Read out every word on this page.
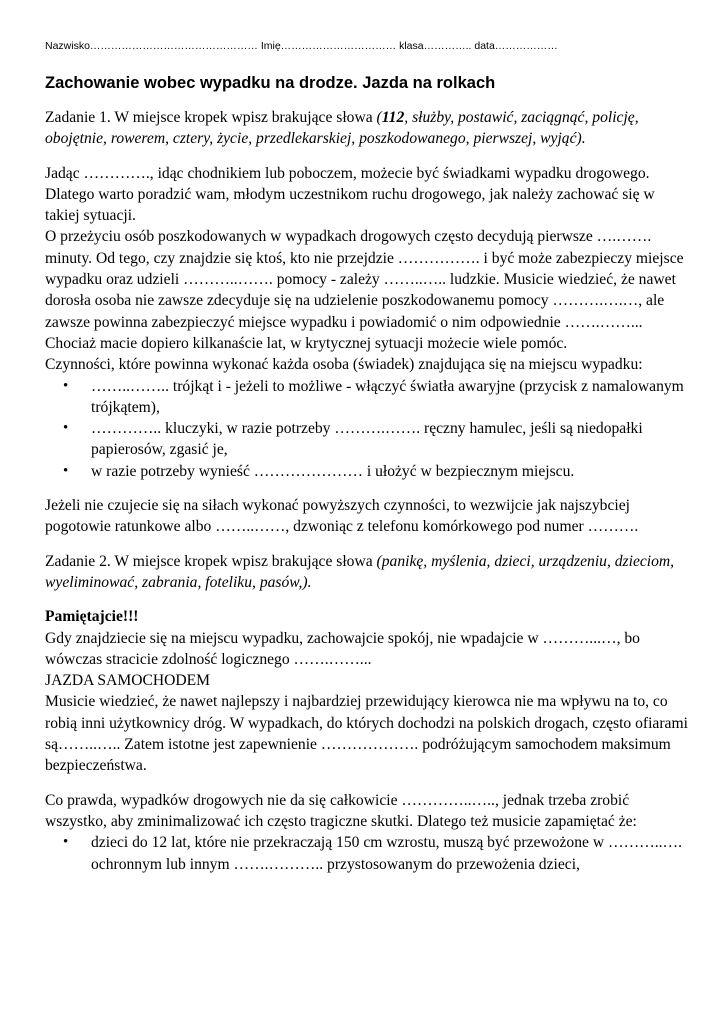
Nazwisko………………………………………… Imię…………………………… klasa………….. data………………
Zachowanie wobec wypadku na drodze. Jazda na rolkach

Zadanie 1. W miejsce kropek wpisz brakujące słowa (112, służby, postawić, zaciągnąć, policję, obojętnie, rowerem, cztery, życie, przedlekarskiej, poszkodowanego, pierwszej, wyjąć).

Jadąc …………., idąc chodnikiem lub poboczem, możecie być świadkami wypadku drogowego. Dlatego warto poradzić wam, młodym uczestnikom ruchu drogowego, jak należy zachować się w takiej sytuacji.

O przeżyciu osób poszkodowanych w wypadkach drogowych często decydują pierwsze ….……. minuty. Od tego, czy znajdzie się ktoś, kto nie przejdzie ……………. i być może zabezpieczy miejsce wypadku oraz udzieli ………..……. pomocy - zależy ……..….. ludzkie. Musicie wiedzieć, że nawet dorosła osoba nie zawsze zdecyduje się na udzielenie poszkodowanemu pomocy ……….….…, ale zawsze powinna zabezpieczyć miejsce wypadku i powiadomić o nim odpowiednie …….……... Chociaż macie dopiero kilkanaście lat, w krytycznej sytuacji możecie wiele pomóc.

Czynności, które powinna wykonać każda osoba (świadek) znajdująca się na miejscu wypadku:

• ……..…….. trójkąt i - jeżeli to możliwe - włączyć światła awaryjne (przycisk z namalowanym trójkątem),
• ………….. kluczyki, w razie potrzeby ……….……. ręczny hamulec, jeśli są niedopałki papierosów, zgasić je,
• w razie potrzeby wynieść ………………… i ułożyć w bezpiecznym miejscu.

Jeżeli nie czujecie się na siłach wykonać powyższych czynności, to wezwijcie jak najszybciej pogotowie ratunkowe albo ……..……, dzwoniąc z telefonu komórkowego pod numer ……….

Zadanie 2. W miejsce kropek wpisz brakujące słowa (panikę, myślenia, dzieci, urządzeniu, dzieciom, wyeliminować, zabrania, foteliku, pasów,).

Pamiętajcie!!!

Gdy znajdziecie się na miejscu wypadku, zachowajcie spokój, nie wpadajcie w ………...…, bo wówczas stracicie zdolność logicznego …….……...

JAZDA SAMOCHODEM

Musicie wiedzieć, że nawet najlepszy i najbardziej przewidujący kierowca nie ma wpływu na to, co robią inni użytkownicy dróg. W wypadkach, do których dochodzi na polskich drogach, często ofiarami są……..….. Zatem istotne jest zapewnienie ………………. podróżującym samochodem maksimum bezpieczeństwa.

Co prawda, wypadków drogowych nie da się całkowicie …………..….., jednak trzeba zrobić wszystko, aby zminimalizować ich często tragiczne skutki. Dlatego też musicie zapamiętać że:

• dzieci do 12 lat, które nie przekraczają 150 cm wzrostu, muszą być przewożone w ………..…. ochronnym lub innym …….……….. przystosowanym do przewożenia dzieci,
